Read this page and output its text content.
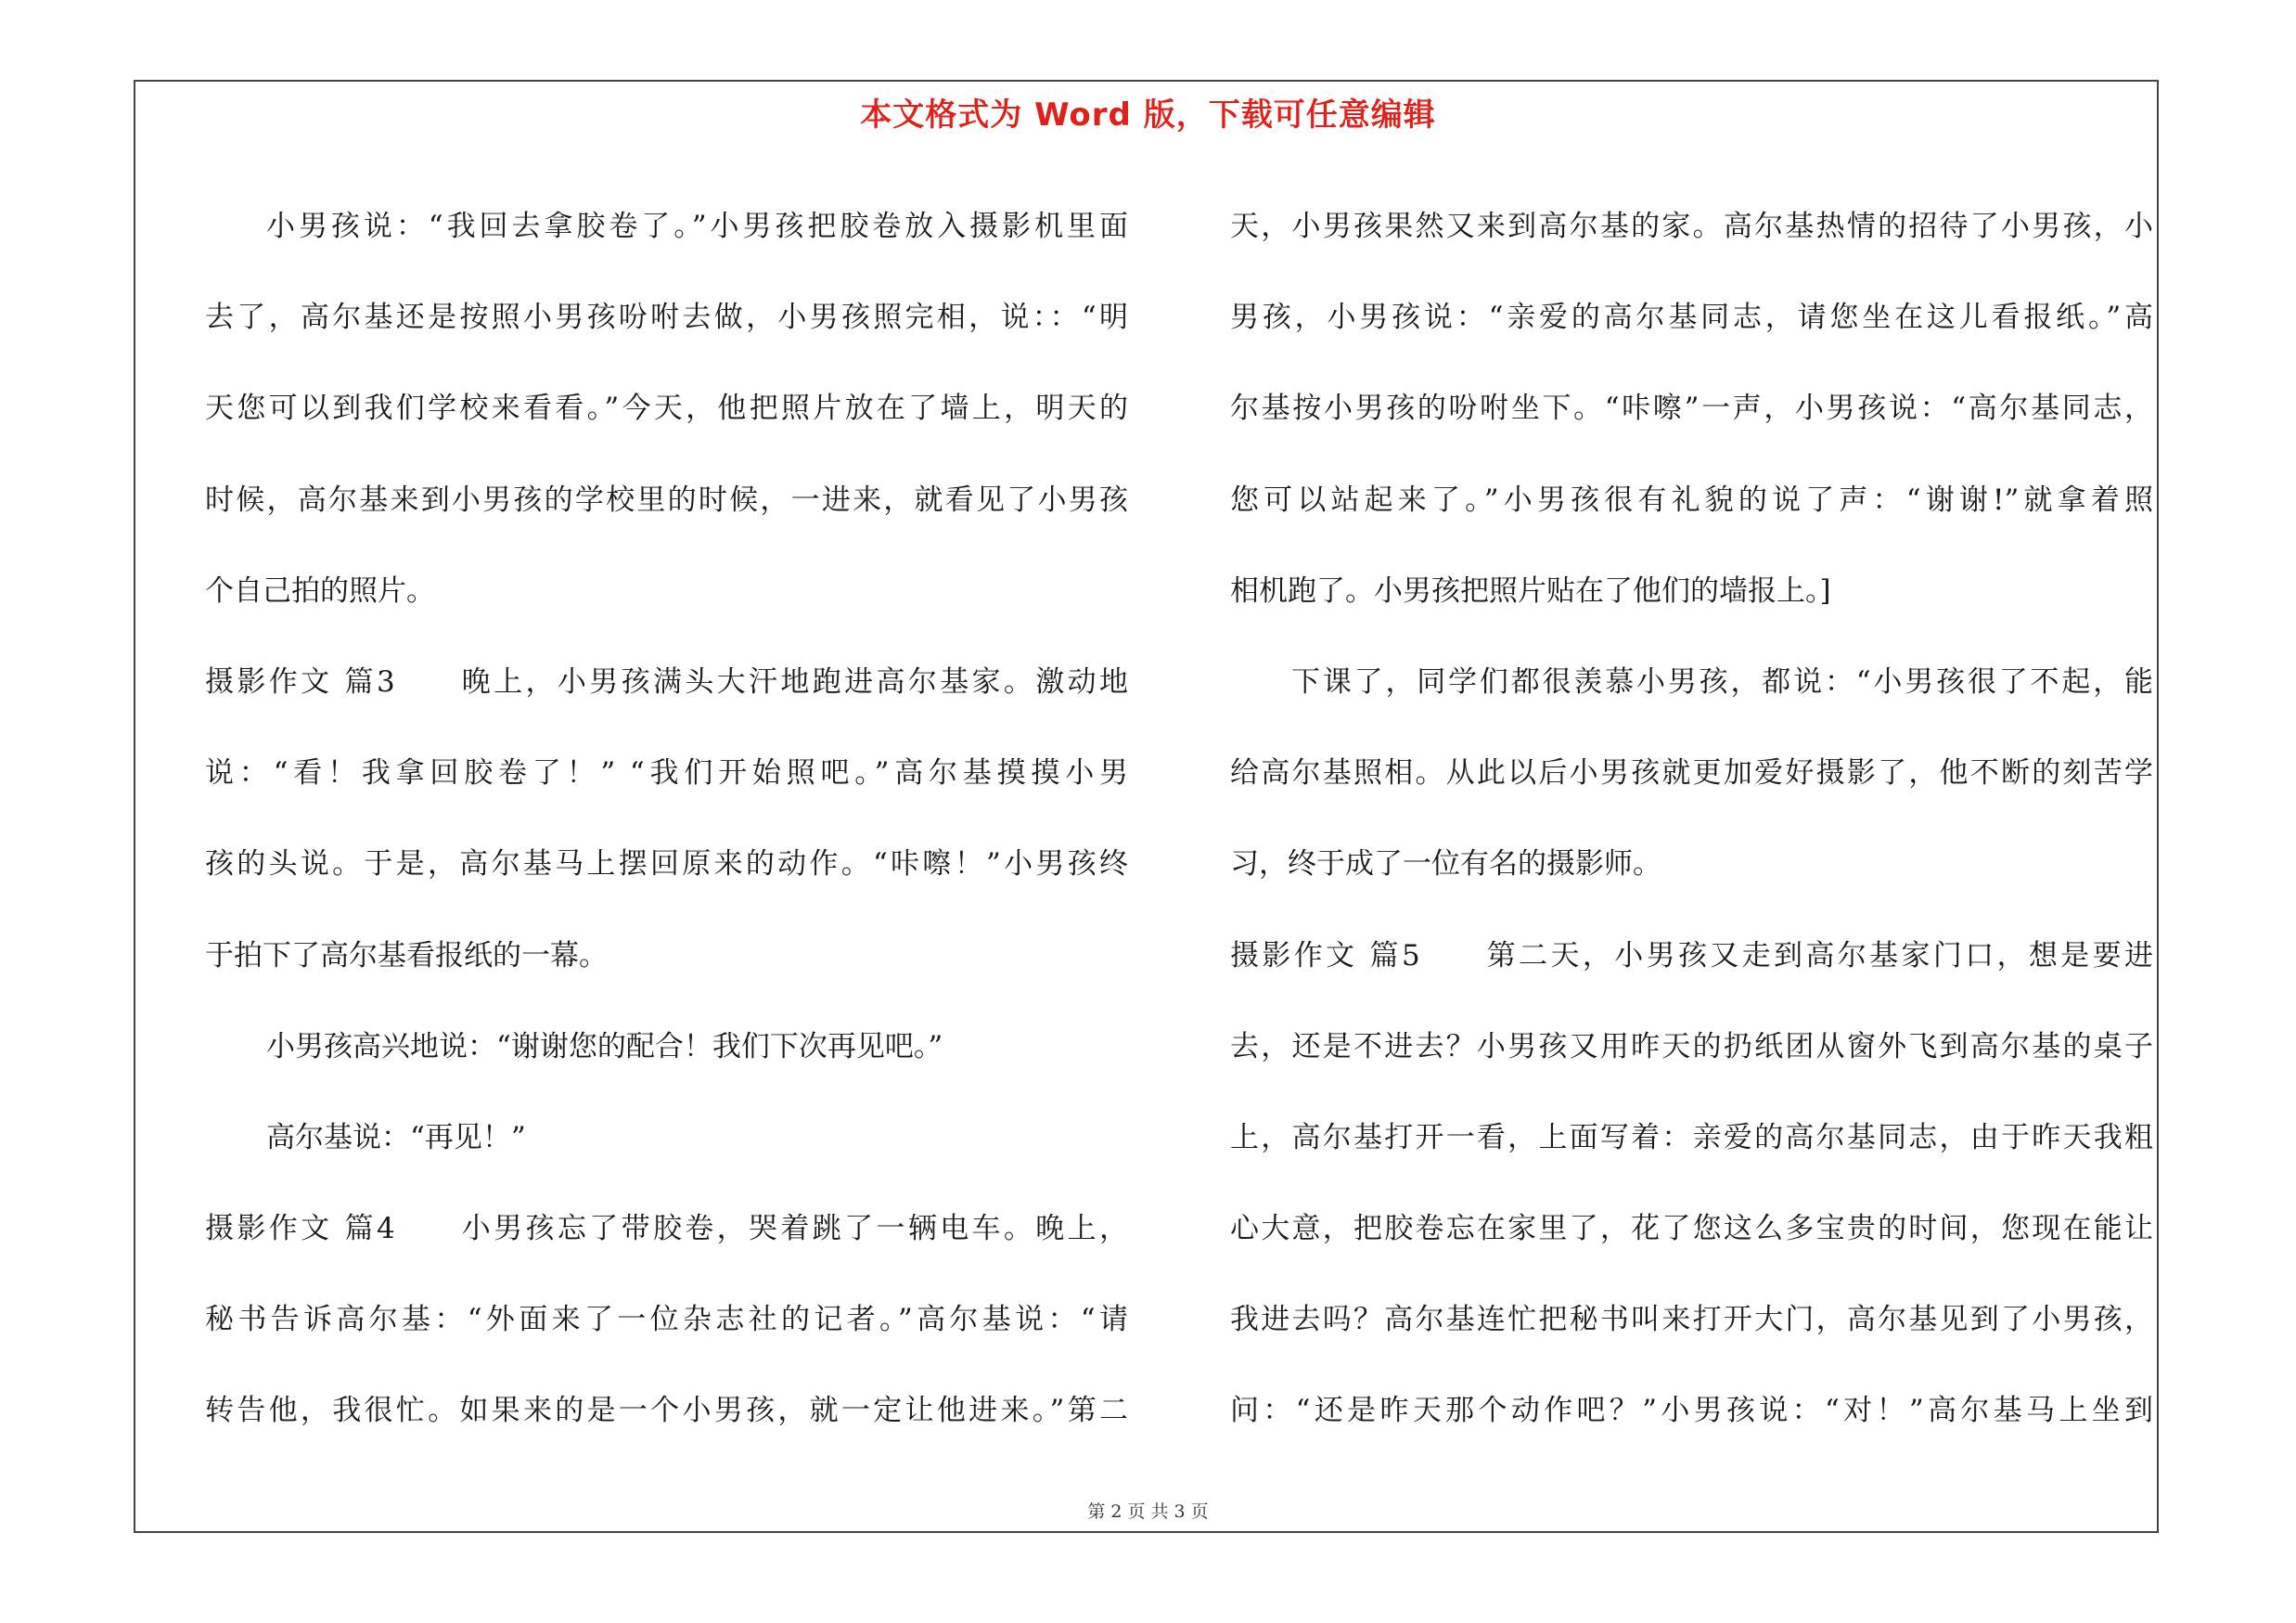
本文格式为 Word 版，下载可任意编辑
小男孩说：“我回去拿胶卷了。”小男孩把胶卷放入摄影机里面
去了，高尔基还是按照小男孩吩咐去做，小男孩照完相，说：：“明
天您可以到我们学校来看看。”今天，他把照片放在了墙上，明天的
时候，高尔基来到小男孩的学校里的时候，一进来，就看见了小男孩
个自己拍的照片。
摄影作文 篇3　　晚上，小男孩满头大汗地跑进高尔基家。激动地
说：“看！我拿回胶卷了！” “我们开始照吧。”高尔基摸摸小男
孩的头说。于是，高尔基马上摆回原来的动作。“咔嚓！”小男孩终
于拍下了高尔基看报纸的一幕。
小男孩高兴地说：“谢谢您的配合！我们下次再见吧。”
高尔基说：“再见！”
摄影作文 篇4　　小男孩忘了带胶卷，哭着跳了一辆电车。晚上，
秘书告诉高尔基：“外面来了一位杂志社的记者。”高尔基说：“请
转告他，我很忙。如果来的是一个小男孩，就一定让他进来。”第二
天，小男孩果然又来到高尔基的家。高尔基热情的招待了小男孩，小
男孩，小男孩说：“亲爱的高尔基同志，请您坐在这儿看报纸。”高
尔基按小男孩的吩咐坐下。“咔嚓”一声，小男孩说：“高尔基同志，
您可以站起来了。”小男孩很有礼貌的说了声：“谢谢!”就拿着照
相机跑了。小男孩把照片贴在了他们的墙报上。]
下课了，同学们都很羡慕小男孩，都说：“小男孩很了不起，能
给高尔基照相。从此以后小男孩就更加爱好摄影了，他不断的刻苦学
习，终于成了一位有名的摄影师。
摄影作文 篇5　　第二天，小男孩又走到高尔基家门口，想是要进
去，还是不进去？小男孩又用昨天的扔纸团从窗外飞到高尔基的桌子
上，高尔基打开一看，上面写着：亲爱的高尔基同志，由于昨天我粗
心大意，把胶卷忘在家里了，花了您这么多宝贵的时间，您现在能让
我进去吗？高尔基连忙把秘书叫来打开大门，高尔基见到了小男孩，
问：“还是昨天那个动作吧？”小男孩说：“对！”高尔基马上坐到
第 2 页 共 3 页
